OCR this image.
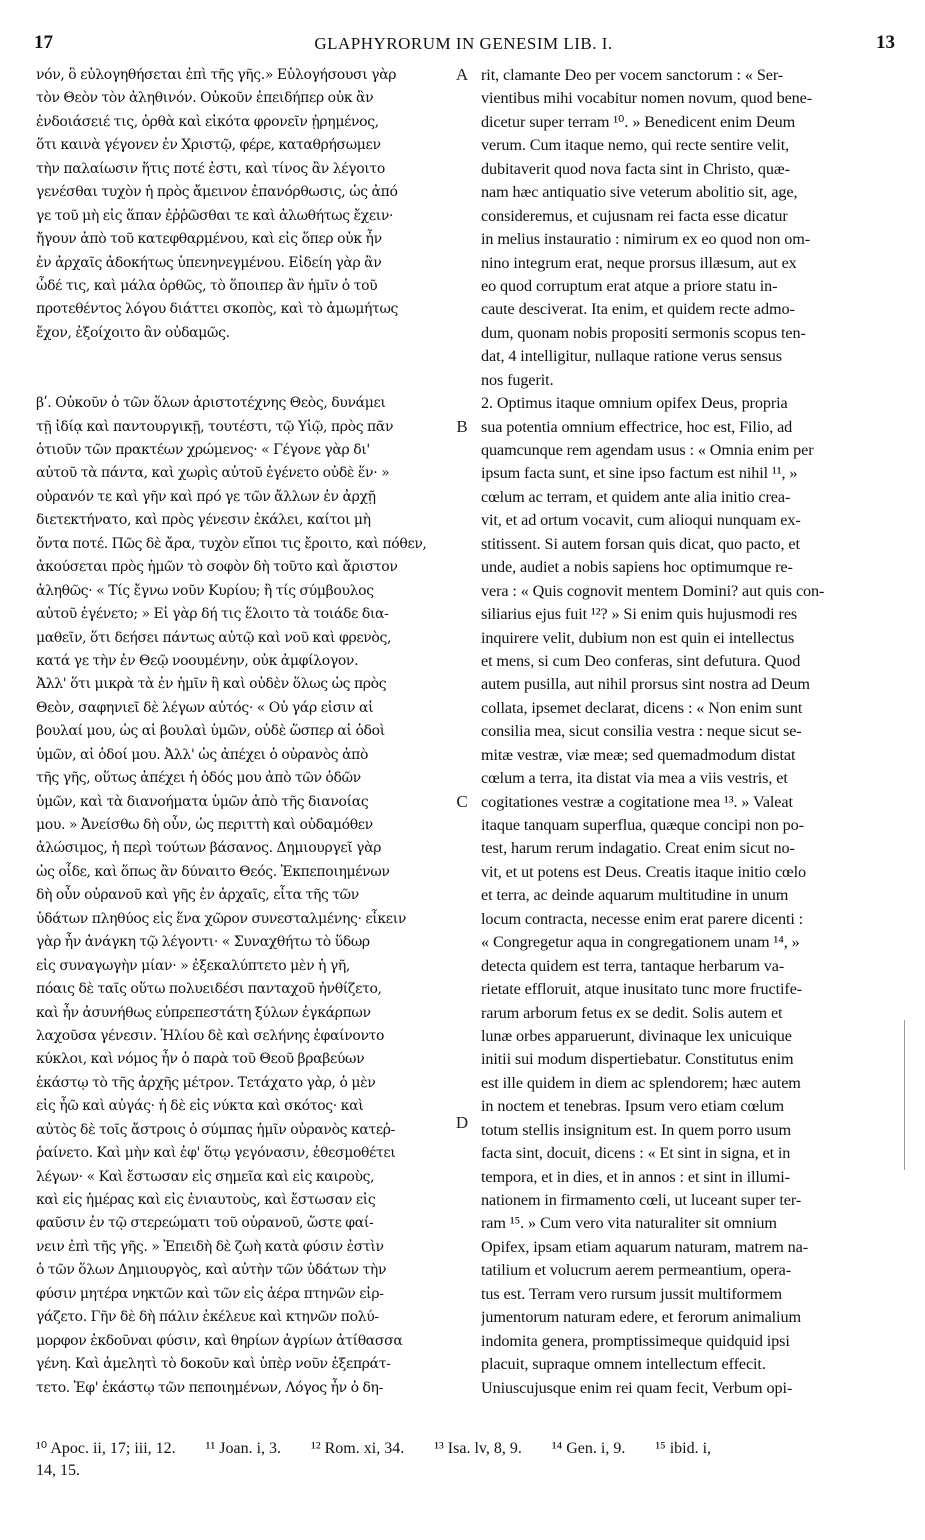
17	GLAPHYRORUM IN GENESIM LIB. I.	13
νόν, ὃ εὐλογηθήσεται ἐπὶ τῆς γῆς.» Εὐλογήσουσι γὰρ
τὸν Θεὸν τὸν ἀληθινόν. Οὐκοῦν ἐπειδήπερ οὐκ ἂν
ἐνδοιάσειέ τις, ὀρθὰ καὶ εἰκότα φρονεῖν ᾐρημένος,
ὅτι καινὰ γέγονεν ἐν Χριστῷ, φέρε, καταθρήσωμεν
τὴν παλαίωσιν ἥτις ποτέ ἐστι, καὶ τίνος ἂν λέγοιτο
γενέσθαι τυχὸν ἡ πρὸς ἄμεινον ἐπανόρθωσις, ὡς ἀπό
γε τοῦ μὴ εἰς ἅπαν ἐῤῥῶσθαι τε καὶ ἀλωθήτως ἔχειν·
ἤγουν ἀπὸ τοῦ κατεφθαρμένου, καὶ εἰς ὅπερ οὐκ ἦν
ἐν ἀρχαῖς ἀδοκήτως ὑπενηνεγμένου. Εἰδείη γὰρ ἂν
ὧδέ τις, καὶ μάλα ὀρθῶς, τὸ ὅποιπερ ἂν ἡμῖν ὁ τοῦ
προτεθέντος λόγου διάττει σκοπὸς, καὶ τὸ ἀμωμήτως
ἔχον, ἐξοίχοιτο ἂν οὐδαμῶς.
βʹ. Οὐκοῦν ὁ τῶν ὅλων ἀριστοτέχνης Θεὸς, δυνάμει
τῇ ἰδίᾳ καὶ παντουργικῇ, τουτέστι, τῷ Υἱῷ, πρὸς πᾶν
ὁτιοῦν τῶν πρακτέων χρώμενος· « Γέγονε γὰρ δι'
αὐτοῦ τὰ πάντα, καὶ χωρὶς αὐτοῦ ἐγένετο οὐδὲ ἕν· »
οὐρανόν τε καὶ γῆν καὶ πρό γε τῶν ἄλλων ἐν ἀρχῇ
διετεκτήνατο, καὶ πρὸς γένεσιν ἐκάλει, καίτοι μὴ
ὄντα ποτέ. Πῶς δὲ ἄρα, τυχὸν εἴποι τις ἔροιτο, καὶ πόθεν,
ἀκούσεται πρὸς ἡμῶν τὸ σοφὸν δὴ τοῦτο καὶ ἄριστον
ἀληθῶς· « Τίς ἔγνω νοῦν Κυρίου; ἢ τίς σύμβουλος
αὐτοῦ ἐγένετο; » Εἰ γὰρ δή τις ἕλοιτο τὰ τοιάδε δια-
μαθεῖν, ὅτι δεήσει πάντως αὐτῷ καὶ νοῦ καὶ φρενὸς,
κατά γε τὴν ἐν Θεῷ νοουμένην, οὐκ ἀμφίλογον.
Ἀλλ' ὅτι μικρὰ τὰ ἐν ἡμῖν ἢ καὶ οὐδὲν ὅλως ὡς πρὸς
Θεὸν, σαφηνιεῖ δὲ λέγων αὐτός· « Οὐ γάρ εἰσιν αἱ
βουλαί μου, ὡς αἱ βουλαὶ ὑμῶν, οὐδὲ ὥσπερ αἱ ὁδοὶ
ὑμῶν, αἱ ὁδοί μου. Ἀλλ' ὡς ἀπέχει ὁ οὐρανὸς ἀπὸ
τῆς γῆς, οὕτως ἀπέχει ἡ ὁδός μου ἀπὸ τῶν ὁδῶν
ὑμῶν, καὶ τὰ διανοήματα ὑμῶν ἀπὸ τῆς διανοίας
μου. » Ἀνείσθω δὴ οὖν, ὡς περιττὴ καὶ οὐδαμόθεν
ἀλώσιμος, ἡ περὶ τούτων βάσανος. Δημιουργεῖ γὰρ
ὡς οἶδε, καὶ ὅπως ἂν δύναιτο Θεός. Ἐκπεποιημένων
δὴ οὖν οὐρανοῦ καὶ γῆς ἐν ἀρχαῖς, εἶτα τῆς τῶν
ὑδάτων πληθύος εἰς ἕνα χῶρον συνεσταλμένης· εἶκειν
γὰρ ἦν ἀνάγκη τῷ λέγοντι· « Συναχθήτω τὸ ὕδωρ
εἰς συναγωγὴν μίαν· » ἐξεκαλύπτετο μὲν ἡ γῆ,
πόαις δὲ ταῖς οὕτω πολυειδέσι πανταχοῦ ἠνθίζετο,
καὶ ἦν ἀσυνήθως εὐπρεπεστάτη ξύλων ἐγκάρπων
λαχοῦσα γένεσιν. Ἡλίου δὲ καὶ σελήνης ἐφαίνοντο
κύκλοι, καὶ νόμος ἦν ὁ παρὰ τοῦ Θεοῦ βραβεύων
ἑκάστῳ τὸ τῆς ἀρχῆς μέτρον. Τετάχατο γὰρ, ὁ μὲν
εἰς ἦῶ καὶ αὐγάς· ἡ δὲ εἰς νύκτα καὶ σκότος· καὶ
αὐτὸς δὲ τοῖς ἄστροις ὁ σύμπας ἡμῖν οὐρανὸς κατεῤ-
ῥαίνετο. Καὶ μὴν καὶ ἐφ' ὅτῳ γεγόνασιν, ἐθεσμοθέτει
λέγων· « Καὶ ἔστωσαν εἰς σημεῖα καὶ εἰς καιροὺς,
καὶ εἰς ἡμέρας καὶ εἰς ἐνιαυτοὺς, καὶ ἔστωσαν εἰς
φαῦσιν ἐν τῷ στερεώματι τοῦ οὐρανοῦ, ὥστε φαί-
νειν ἐπὶ τῆς γῆς. » Ἐπειδὴ δὲ ζωὴ κατὰ φύσιν ἐστὶν
ὁ τῶν ὅλων Δημιουργὸς, καὶ αὐτὴν τῶν ὑδάτων τὴν
φύσιν μητέρα νηκτῶν καὶ τῶν εἰς ἀέρα πτηνῶν εἰρ-
γάζετο. Γῆν δὲ δὴ πάλιν ἐκέλευε καὶ κτηνῶν πολύ-
μορφον ἐκδοῦναι φύσιν, καὶ θηρίων ἀγρίων ἀτίθασσα
γένη. Καὶ ἀμελητὶ τὸ δοκοῦν καὶ ὑπὲρ νοῦν ἐξεπράτ-
τετο. Ἐφ' ἑκάστῳ τῶν πεποιημένων, Λόγος ἦν ὁ δη-
A
B
C
D
rit, clamante Deo per vocem sanctorum : « Ser-
vientibus mihi vocabitur nomen novum, quod bene-
dicetur super terram ¹⁰. » Benedicent enim Deum
verum. Cum itaque nemo, qui recte sentire velit,
dubitaverit quod nova facta sint in Christo, quæ-
nam hæc antiquatio sive veterum abolitio sit, age,
consideremus, et cujusnam rei facta esse dicatur
in melius instauratio : nimirum ex eo quod non om-
nino integrum erat, neque prorsus illæsum, aut ex
eo quod corruptum erat atque a priore statu in-
caute desciverat. Ita enim, et quidem recte admo-
dum, quonam nobis propositi sermonis scopus ten-
dat, 4 intelligitur, nullaque ratione verus sensus
nos fugerit.
2. Optimus itaque omnium opifex Deus, propria
sua potentia omnium effectrice, hoc est, Filio, ad
quamcunque rem agendam usus : « Omnia enim per
ipsum facta sunt, et sine ipso factum est nihil ¹¹, »
cœlum ac terram, et quidem ante alia initio crea-
vit, et ad ortum vocavit, cum alioqui nunquam ex-
stitissent. Si autem forsan quis dicat, quo pacto, et
unde, audiet a nobis sapiens hoc optimumque re-
vera : « Quis cognovit mentem Domini? aut quis con-
siliarius ejus fuit ¹²? » Si enim quis hujusmodi res
inquirere velit, dubium non est quin ei intellectus
et mens, si cum Deo conferas, sint defutura. Quod
autem pusilla, aut nihil prorsus sint nostra ad Deum
collata, ipsemet declarat, dicens : « Non enim sunt
consilia mea, sicut consilia vestra : neque sicut se-
mitæ vestræ, viæ meæ; sed quemadmodum distat
cœlum a terra, ita distat via mea a viis vestris, et
cogitationes vestræ a cogitatione mea ¹³. » Valeat
itaque tanquam superflua, quæque concipi non po-
test, harum rerum indagatio. Creat enim sicut no-
vit, et ut potens est Deus. Creatis itaque initio cœlo
et terra, ac deinde aquarum multitudine in unum
locum contracta, necesse enim erat parere dicenti :
« Congregetur aqua in congregationem unam ¹⁴, »
detecta quidem est terra, tantaque herbarum va-
rietate effloruit, atque inusitato tunc more fructife-
rarum arborum fetus ex se dedit. Solis autem et
lunæ orbes apparuerunt, divinaque lex unicuique
initii sui modum dispertiebatur. Constitutus enim
est ille quidem in diem ac splendorem; hæc autem
in noctem et tenebras. Ipsum vero etiam cœlum
totum stellis insignitum est. In quem porro usum
facta sint, docuit, dicens : « Et sint in signa, et in
tempora, et in dies, et in annos : et sint in illumi-
nationem in firmamento cœli, ut luceant super ter-
ram ¹⁵. » Cum vero vita naturaliter sit omnium
Opifex, ipsam etiam aquarum naturam, matrem na-
tatilium et volucrum aerem permeantium, opera-
tus est. Terram vero rursum jussit multiformem
jumentorum naturam edere, et ferorum animalium
indomita genera, promptissimeque quidquid ipsi
placuit, supraque omnem intellectum effecit.
Uniuscujusque enim rei quam fecit, Verbum opi-
¹⁰ Apoc. ii, 17; iii, 12. ¹¹ Joan. i, 3. ¹² Rom. xi, 34. ¹³ Isa. lv, 8, 9. ¹⁴ Gen. i, 9. ¹⁵ ibid. i,
14, 15.
